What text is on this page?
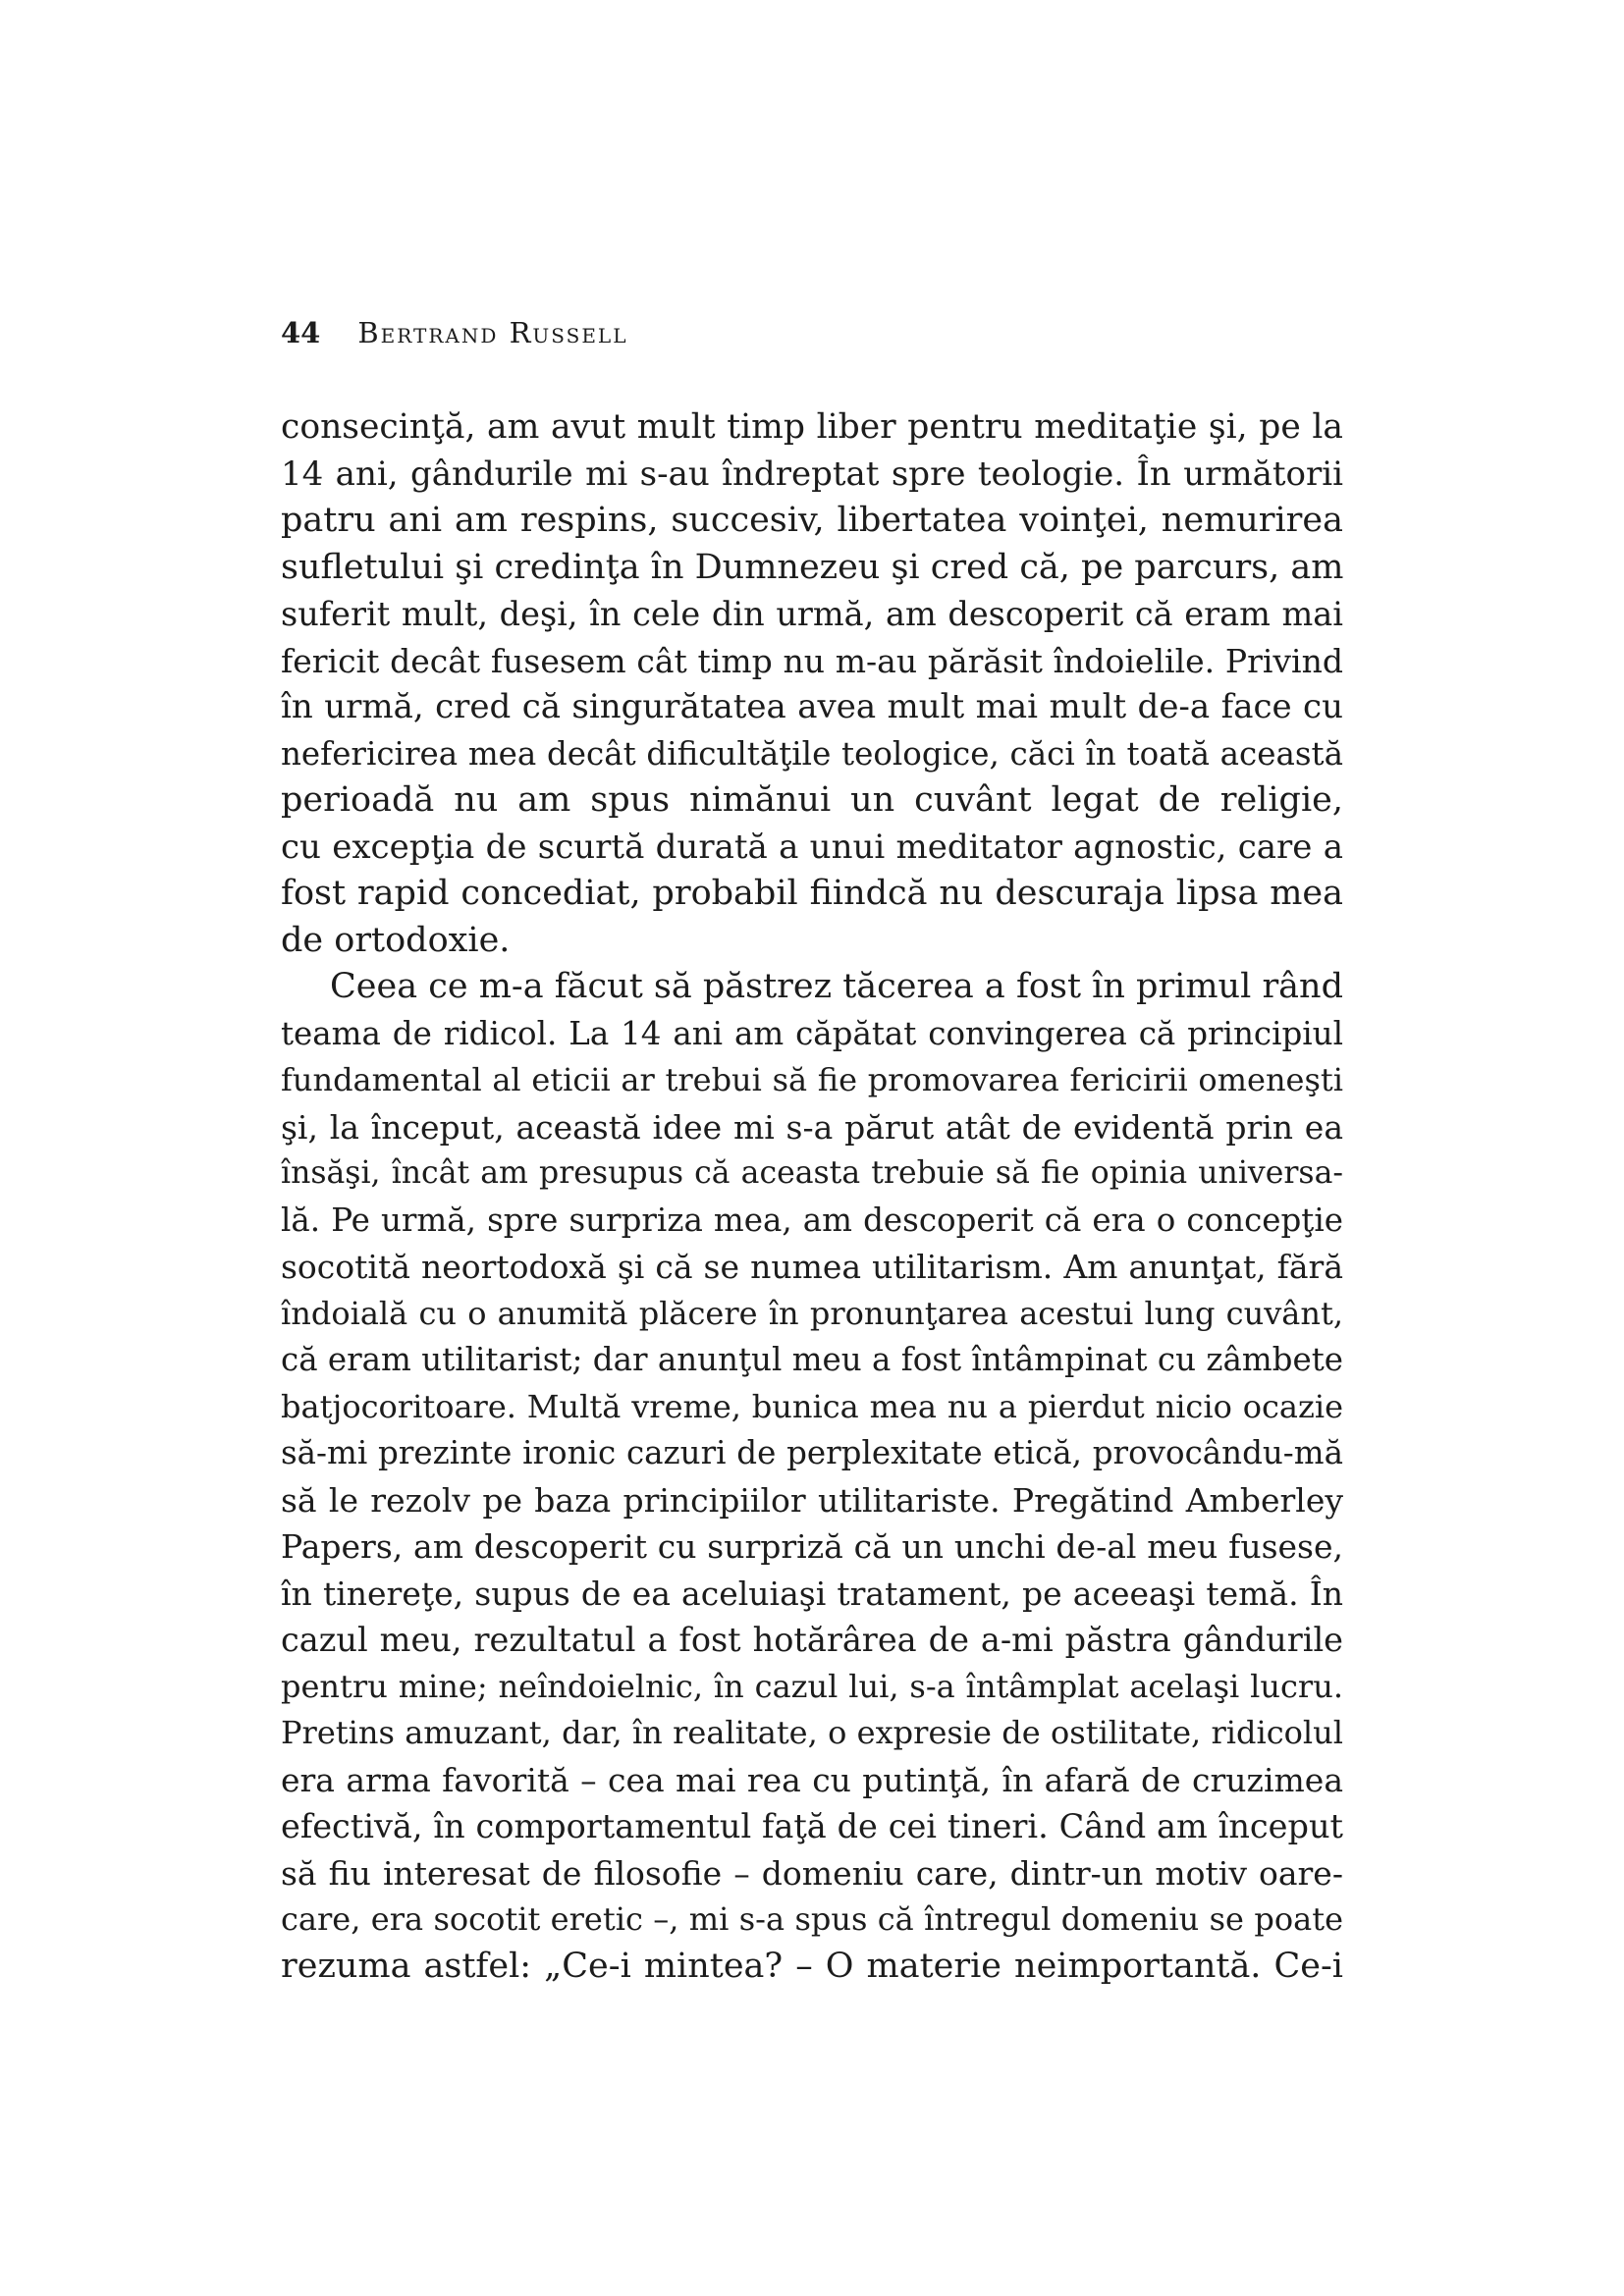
44 Bertrand Russell
consecinţă, am avut mult timp liber pentru meditaţie şi, pe la
14 ani, gândurile mi s-au îndreptat spre teologie. În următorii
patru ani am respins, succesiv, libertatea voinţei, nemurirea
sufletului şi credinţa în Dumnezeu şi cred că, pe parcurs, am
suferit mult, deşi, în cele din urmă, am descoperit că eram mai
fericit decât fusesem cât timp nu m-au părăsit îndoielile. Privind
în urmă, cred că singurătatea avea mult mai mult de-a face cu
nefericirea mea decât dificultăţile teologice, căci în toată această
perioadă nu am spus nimănui un cuvânt legat de religie,
cu excepţia de scurtă durată a unui meditator agnostic, care a
fost rapid concediat, probabil fiindcă nu descuraja lipsa mea
de ortodoxie.
Ceea ce m-a făcut să păstrez tăcerea a fost în primul rând
teama de ridicol. La 14 ani am căpătat convingerea că principiul
fundamental al eticii ar trebui să fie promovarea fericirii omeneşti
şi, la început, această idee mi s-a părut atât de evidentă prin ea
însăşi, încât am presupus că aceasta trebuie să fie opinia universa-
lă. Pe urmă, spre surpriza mea, am descoperit că era o concepţie
socotită neortodoxă şi că se numea utilitarism. Am anunţat, fără
îndoială cu o anumită plăcere în pronunţarea acestui lung cuvânt,
că eram utilitarist; dar anunţul meu a fost întâmpinat cu zâmbete
batjocoritoare. Multă vreme, bunica mea nu a pierdut nicio ocazie
să-mi prezinte ironic cazuri de perplexitate etică, provocându-mă
să le rezolv pe baza principiilor utilitariste. Pregătind Amberley
Papers, am descoperit cu surpriză că un unchi de-al meu fusese,
în tinereţe, supus de ea aceluiaşi tratament, pe aceeaşi temă. În
cazul meu, rezultatul a fost hotărârea de a-mi păstra gândurile
pentru mine; neîndoielnic, în cazul lui, s-a întâmplat acelaşi lucru.
Pretins amuzant, dar, în realitate, o expresie de ostilitate, ridicolul
era arma favorită – cea mai rea cu putinţă, în afară de cruzimea
efectivă, în comportamentul faţă de cei tineri. Când am început
să fiu interesat de filosofie – domeniu care, dintr-un motiv oare-
care, era socotit eretic –, mi s-a spus că întregul domeniu se poate
rezuma astfel: „Ce-i mintea? – O materie neimportantă. Ce-i
